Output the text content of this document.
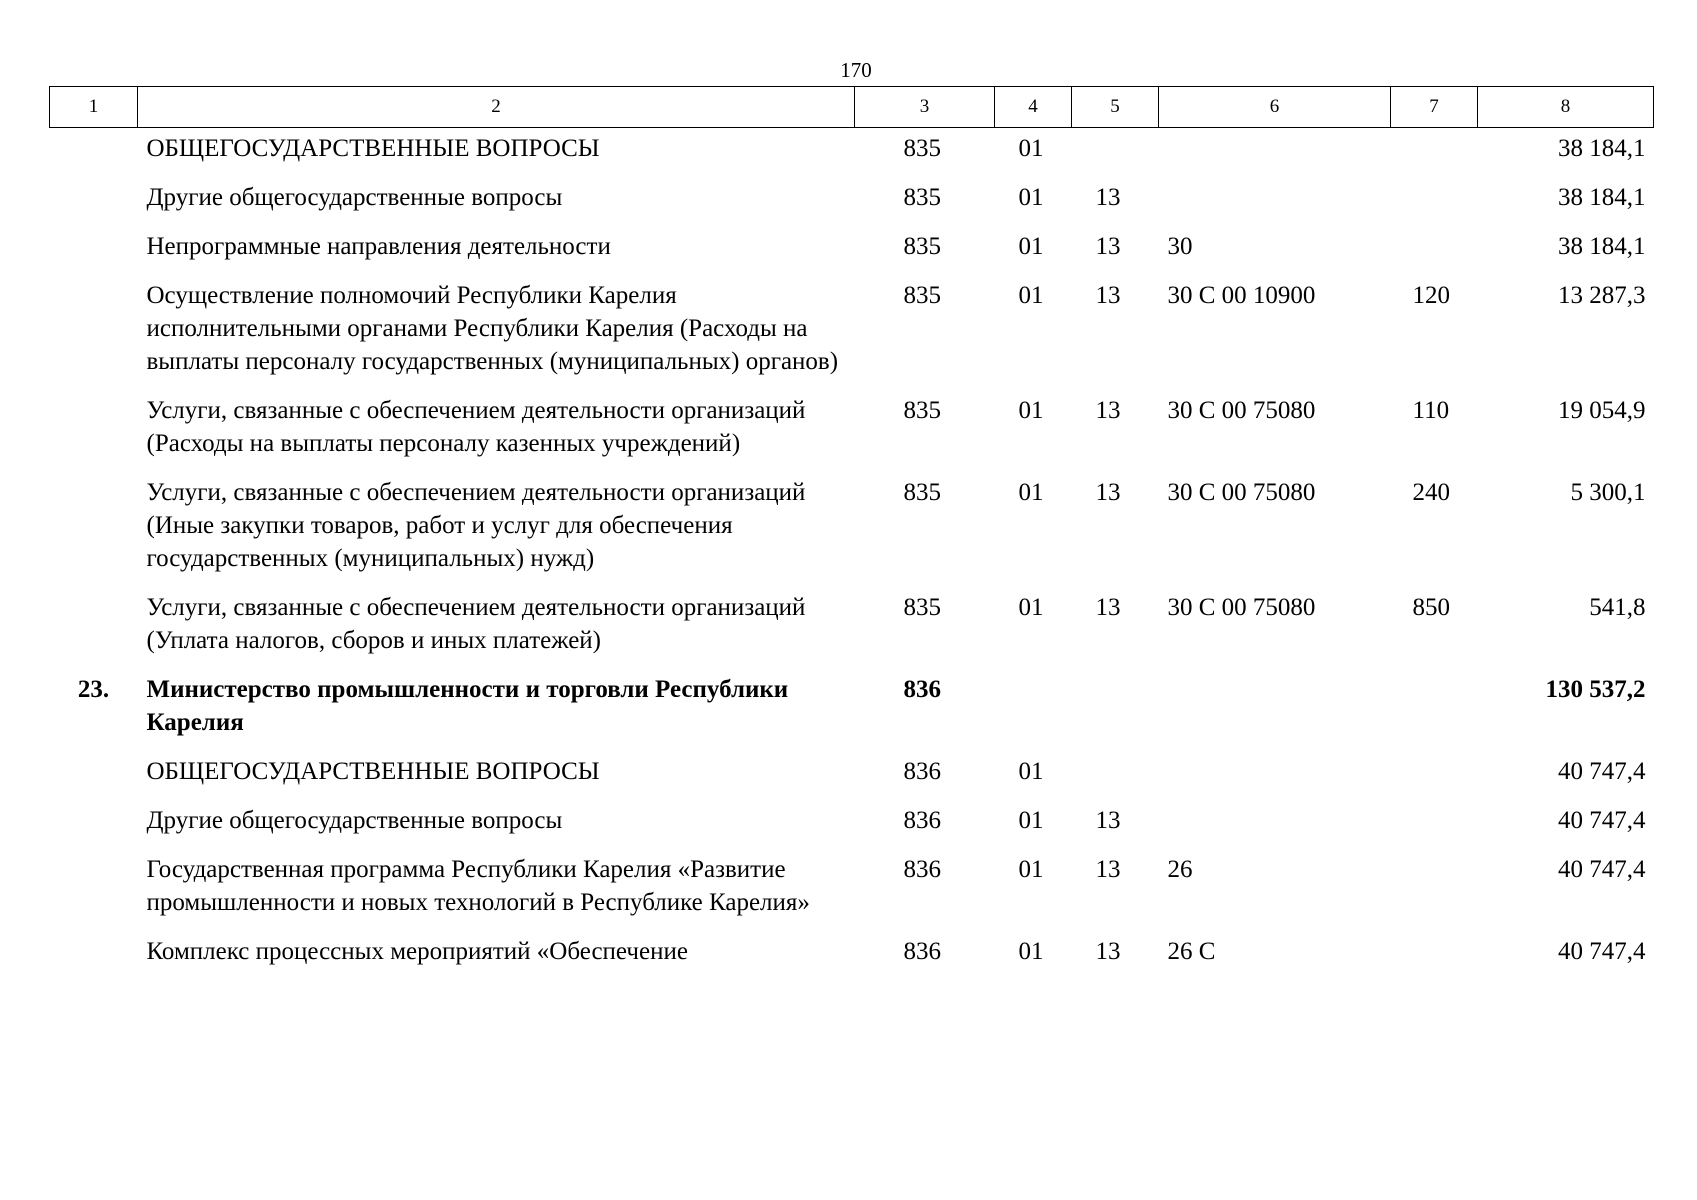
170
1	2	3	4	5	6	7	8
	ОБЩЕГОСУДАРСТВЕННЫЕ ВОПРОСЫ	835	01				38 184,1
	Другие общегосударственные вопросы	835	01	13			38 184,1
	Непрограммные направления деятельности	835	01	13	30		38 184,1
	Осуществление полномочий Республики Карелия исполнительными органами Республики Карелия (Расходы на выплаты персоналу государственных (муниципальных) органов)	835	01	13	30 С 00 10900	120	13 287,3
	Услуги, связанные с обеспечением деятельности организаций (Расходы на выплаты персоналу казенных учреждений)	835	01	13	30 С 00 75080	110	19 054,9
	Услуги, связанные с обеспечением деятельности организаций (Иные закупки товаров, работ и услуг для обеспечения государственных (муниципальных) нужд)	835	01	13	30 С 00 75080	240	5 300,1
	Услуги, связанные с обеспечением деятельности организаций (Уплата налогов, сборов и иных платежей)	835	01	13	30 С 00 75080	850	541,8
23.	Министерство промышленности и торговли Республики Карелия	836					130 537,2
	ОБЩЕГОСУДАРСТВЕННЫЕ ВОПРОСЫ	836	01				40 747,4
	Другие общегосударственные вопросы	836	01	13			40 747,4
	Государственная программа Республики Карелия «Развитие промышленности и новых технологий в Республике Карелия»	836	01	13	26		40 747,4
	Комплекс процессных мероприятий «Обеспечение	836	01	13	26 С		40 747,4
